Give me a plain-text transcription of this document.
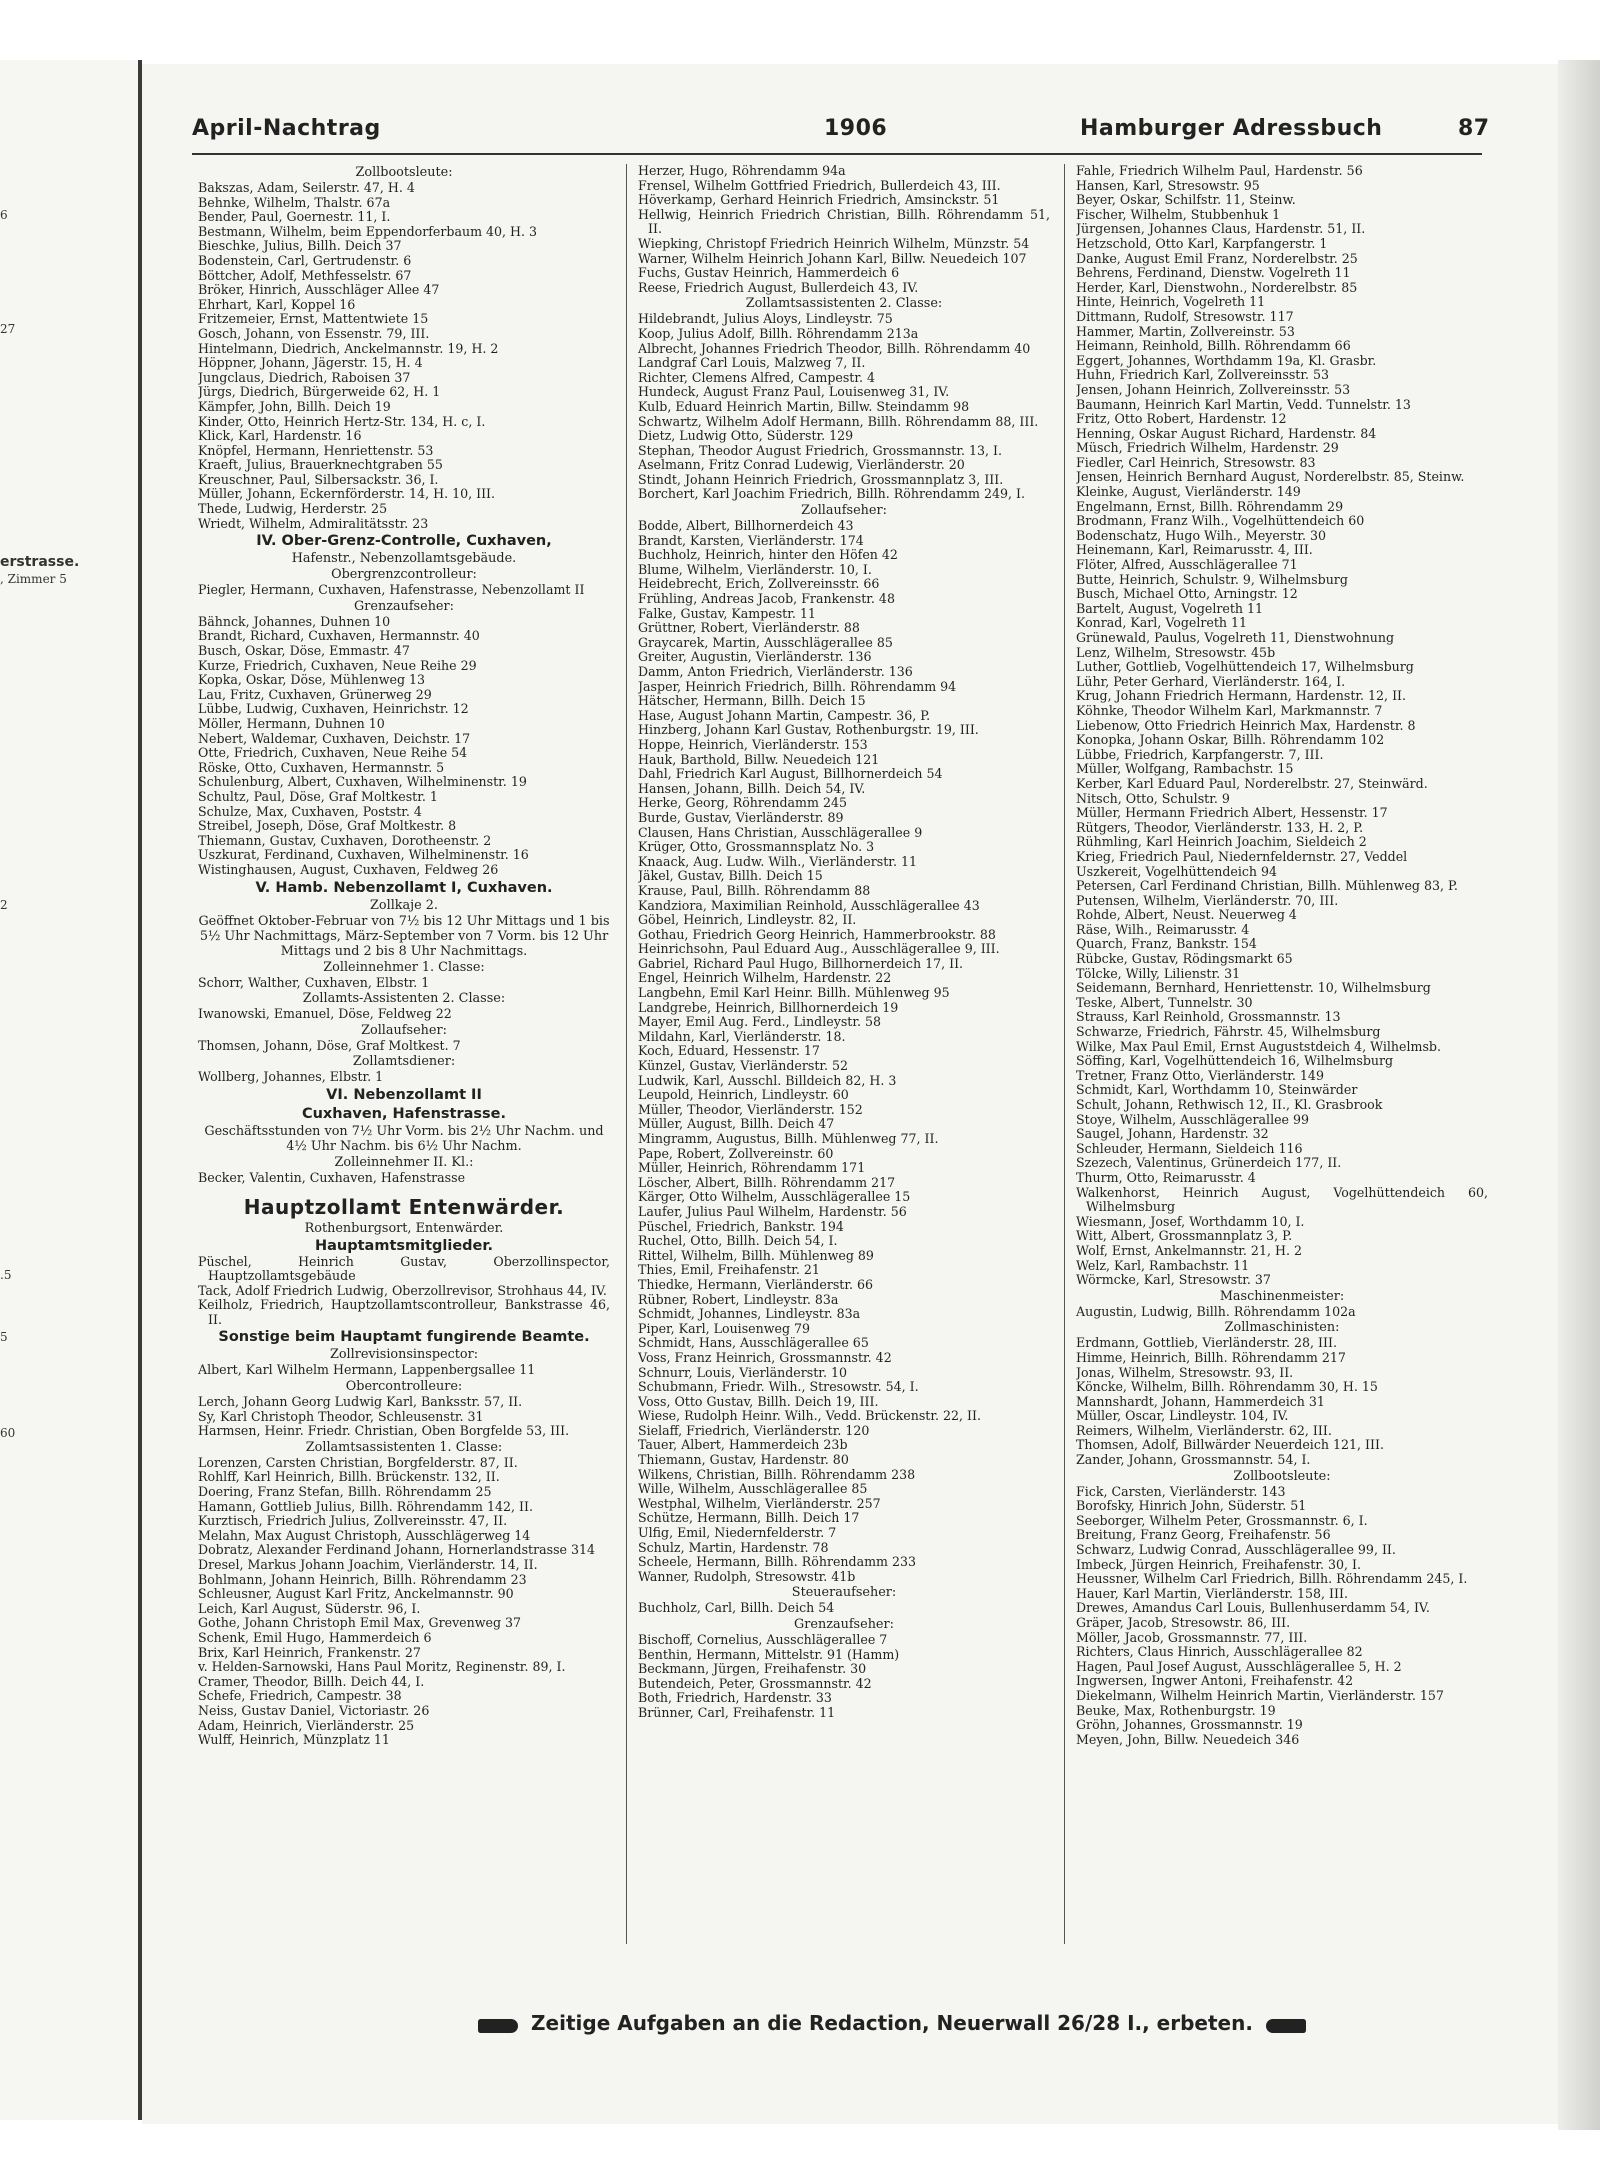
erstrasse.
, Zimmer 5
6
27
2
.5
5
60
April-Nachtrag	1906	Hamburger Adressbuch	87
Zollbootsleute:
Bakszas, Adam, Seilerstr. 47, H. 4
Behnke, Wilhelm, Thalstr. 67a
Bender, Paul, Goernestr. 11, I.
Bestmann, Wilhelm, beim Eppendorferbaum 40, H. 3
Bieschke, Julius, Billh. Deich 37
Bodenstein, Carl, Gertrudenstr. 6
Böttcher, Adolf, Methfesselstr. 67
Bröker, Hinrich, Ausschläger Allee 47
Ehrhart, Karl, Koppel 16
Fritzemeier, Ernst, Mattentwiete 15
Gosch, Johann, von Essenstr. 79, III.
Hintelmann, Diedrich, Anckelmannstr. 19, H. 2
Höppner, Johann, Jägerstr. 15, H. 4
Jungclaus, Diedrich, Raboisen 37
Jürgs, Diedrich, Bürgerweide 62, H. 1
Kämpfer, John, Billh. Deich 19
Kinder, Otto, Heinrich Hertz-Str. 134, H. c, I.
Klick, Karl, Hardenstr. 16
Knöpfel, Hermann, Henriettenstr. 53
Kraeft, Julius, Brauerknechtgraben 55
Kreuschner, Paul, Silbersackstr. 36, I.
Müller, Johann, Eckernförderstr. 14, H. 10, III.
Thede, Ludwig, Herderstr. 25
Wriedt, Wilhelm, Admiralitätsstr. 23
IV. Ober-Grenz-Controlle, Cuxhaven,
Hafenstr., Nebenzollamtsgebäude.
Obergrenzcontrolleur:
Piegler, Hermann, Cuxhaven, Hafenstrasse, Nebenzollamt II
Grenzaufseher:
Bähnck, Johannes, Duhnen 10
Brandt, Richard, Cuxhaven, Hermannstr. 40
Busch, Oskar, Döse, Emmastr. 47
Kurze, Friedrich, Cuxhaven, Neue Reihe 29
Kopka, Oskar, Döse, Mühlenweg 13
Lau, Fritz, Cuxhaven, Grünerweg 29
Lübbe, Ludwig, Cuxhaven, Heinrichstr. 12
Möller, Hermann, Duhnen 10
Nebert, Waldemar, Cuxhaven, Deichstr. 17
Otte, Friedrich, Cuxhaven, Neue Reihe 54
Röske, Otto, Cuxhaven, Hermannstr. 5
Schulenburg, Albert, Cuxhaven, Wilhelminenstr. 19
Schultz, Paul, Döse, Graf Moltkestr. 1
Schulze, Max, Cuxhaven, Poststr. 4
Streibel, Joseph, Döse, Graf Moltkestr. 8
Thiemann, Gustav, Cuxhaven, Dorotheenstr. 2
Uszkurat, Ferdinand, Cuxhaven, Wilhelminenstr. 16
Wistinghausen, August, Cuxhaven, Feldweg 26
V. Hamb. Nebenzollamt I, Cuxhaven.
Zollkaje 2.
Geöffnet Oktober-Februar von 7½ bis 12 Uhr Mittags und 1 bis 5½ Uhr Nachmittags, März-September von 7 Vorm. bis 12 Uhr Mittags und 2 bis 8 Uhr Nachmittags.
Zolleinnehmer 1. Classe:
Schorr, Walther, Cuxhaven, Elbstr. 1
Zollamts-Assistenten 2. Classe:
Iwanowski, Emanuel, Döse, Feldweg 22
Zollaufseher:
Thomsen, Johann, Döse, Graf Moltkest. 7
Zollamtsdiener:
Wollberg, Johannes, Elbstr. 1
VI. Nebenzollamt II
Cuxhaven, Hafenstrasse.
Geschäftsstunden von 7½ Uhr Vorm. bis 2½ Uhr Nachm. und 4½ Uhr Nachm. bis 6½ Uhr Nachm.
Zolleinnehmer II. Kl.:
Becker, Valentin, Cuxhaven, Hafenstrasse
Hauptzollamt Entenwärder.
Rothenburgsort, Entenwärder.
Hauptamtsmitglieder.
Püschel, Heinrich Gustav, Oberzollinspector, Hauptzollamtsgebäude
Tack, Adolf Friedrich Ludwig, Oberzollrevisor, Strohhaus 44, IV.
Keilholz, Friedrich, Hauptzollamtscontrolleur, Bankstrasse 46, II.
Sonstige beim Hauptamt fungirende Beamte.
Zollrevisionsinspector:
Albert, Karl Wilhelm Hermann, Lappenbergsallee 11
Obercontrolleure:
Lerch, Johann Georg Ludwig Karl, Banksstr. 57, II.
Sy, Karl Christoph Theodor, Schleusenstr. 31
Harmsen, Heinr. Friedr. Christian, Oben Borgfelde 53, III.
Zollamtsassistenten 1. Classe:
Lorenzen, Carsten Christian, Borgfelderstr. 87, II.
Rohlff, Karl Heinrich, Billh. Brückenstr. 132, II.
Doering, Franz Stefan, Billh. Röhrendamm 25
Hamann, Gottlieb Julius, Billh. Röhrendamm 142, II.
Kurztisch, Friedrich Julius, Zollvereinsstr. 47, II.
Melahn, Max August Christoph, Ausschlägerweg 14
Dobratz, Alexander Ferdinand Johann, Hornerlandstrasse 314
Dresel, Markus Johann Joachim, Vierländerstr. 14, II.
Bohlmann, Johann Heinrich, Billh. Röhrendamm 23
Schleusner, August Karl Fritz, Anckelmannstr. 90
Leich, Karl August, Süderstr. 96, I.
Gothe, Johann Christoph Emil Max, Grevenweg 37
Schenk, Emil Hugo, Hammerdeich 6
Brix, Karl Heinrich, Frankenstr. 27
v. Helden-Sarnowski, Hans Paul Moritz, Reginenstr. 89, I.
Cramer, Theodor, Billh. Deich 44, I.
Schefe, Friedrich, Campestr. 38
Neiss, Gustav Daniel, Victoriastr. 26
Adam, Heinrich, Vierländerstr. 25
Wulff, Heinrich, Münzplatz 11
Herzer, Hugo, Röhrendamm 94a
Frensel, Wilhelm Gottfried Friedrich, Bullerdeich 43, III.
Höverkamp, Gerhard Heinrich Friedrich, Amsinckstr. 51
Hellwig, Heinrich Friedrich Christian, Billh. Röhrendamm 51, II.
Wiepking, Christopf Friedrich Heinrich Wilhelm, Münzstr. 54
Warner, Wilhelm Heinrich Johann Karl, Billw. Neuedeich 107
Fuchs, Gustav Heinrich, Hammerdeich 6
Reese, Friedrich August, Bullerdeich 43, IV.
Zollamtsassistenten 2. Classe:
Hildebrandt, Julius Aloys, Lindleystr. 75
Koop, Julius Adolf, Billh. Röhrendamm 213a
Albrecht, Johannes Friedrich Theodor, Billh. Röhrendamm 40
Landgraf Carl Louis, Malzweg 7, II.
Richter, Clemens Alfred, Campestr. 4
Hundeck, August Franz Paul, Louisenweg 31, IV.
Kulb, Eduard Heinrich Martin, Billw. Steindamm 98
Schwartz, Wilhelm Adolf Hermann, Billh. Röhrendamm 88, III.
Dietz, Ludwig Otto, Süderstr. 129
Stephan, Theodor August Friedrich, Grossmannstr. 13, I.
Aselmann, Fritz Conrad Ludewig, Vierländerstr. 20
Stindt, Johann Heinrich Friedrich, Grossmannplatz 3, III.
Borchert, Karl Joachim Friedrich, Billh. Röhrendamm 249, I.
Zollaufseher:
Bodde, Albert, Billhornerdeich 43
Brandt, Karsten, Vierländerstr. 174
Buchholz, Heinrich, hinter den Höfen 42
Blume, Wilhelm, Vierländerstr. 10, I.
Heidebrecht, Erich, Zollvereinsstr. 66
Frühling, Andreas Jacob, Frankenstr. 48
Falke, Gustav, Kampestr. 11
Grüttner, Robert, Vierländerstr. 88
Graycarek, Martin, Ausschlägerallee 85
Greiter, Augustin, Vierländerstr. 136
Damm, Anton Friedrich, Vierländerstr. 136
Jasper, Heinrich Friedrich, Billh. Röhrendamm 94
Hätscher, Hermann, Billh. Deich 15
Hase, August Johann Martin, Campestr. 36, P.
Hinzberg, Johann Karl Gustav, Rothenburgstr. 19, III.
Hoppe, Heinrich, Vierländerstr. 153
Hauk, Barthold, Billw. Neuedeich 121
Dahl, Friedrich Karl August, Billhornerdeich 54
Hansen, Johann, Billh. Deich 54, IV.
Herke, Georg, Röhrendamm 245
Burde, Gustav, Vierländerstr. 89
Clausen, Hans Christian, Ausschlägerallee 9
Krüger, Otto, Grossmannsplatz No. 3
Knaack, Aug. Ludw. Wilh., Vierländerstr. 11
Jäkel, Gustav, Billh. Deich 15
Krause, Paul, Billh. Röhrendamm 88
Kandziora, Maximilian Reinhold, Ausschlägerallee 43
Göbel, Heinrich, Lindleystr. 82, II.
Gothau, Friedrich Georg Heinrich, Hammerbrookstr. 88
Heinrichsohn, Paul Eduard Aug., Ausschlägerallee 9, III.
Gabriel, Richard Paul Hugo, Billhornerdeich 17, II.
Engel, Heinrich Wilhelm, Hardenstr. 22
Langbehn, Emil Karl Heinr. Billh. Mühlenweg 95
Landgrebe, Heinrich, Billhornerdeich 19
Mayer, Emil Aug. Ferd., Lindleystr. 58
Mildahn, Karl, Vierländerstr. 18.
Koch, Eduard, Hessenstr. 17
Künzel, Gustav, Vierländerstr. 52
Ludwik, Karl, Ausschl. Billdeich 82, H. 3
Leupold, Heinrich, Lindleystr. 60
Müller, Theodor, Vierländerstr. 152
Müller, August, Billh. Deich 47
Mingramm, Augustus, Billh. Mühlenweg 77, II.
Pape, Robert, Zollvereinstr. 60
Müller, Heinrich, Röhrendamm 171
Löscher, Albert, Billh. Röhrendamm 217
Kärger, Otto Wilhelm, Ausschlägerallee 15
Laufer, Julius Paul Wilhelm, Hardenstr. 56
Püschel, Friedrich, Bankstr. 194
Ruchel, Otto, Billh. Deich 54, I.
Rittel, Wilhelm, Billh. Mühlenweg 89
Thies, Emil, Freihafenstr. 21
Thiedke, Hermann, Vierländerstr. 66
Rübner, Robert, Lindleystr. 83a
Schmidt, Johannes, Lindleystr. 83a
Piper, Karl, Louisenweg 79
Schmidt, Hans, Ausschlägerallee 65
Voss, Franz Heinrich, Grossmannstr. 42
Schnurr, Louis, Vierländerstr. 10
Schubmann, Friedr. Wilh., Stresowstr. 54, I.
Voss, Otto Gustav, Billh. Deich 19, III.
Wiese, Rudolph Heinr. Wilh., Vedd. Brückenstr. 22, II.
Sielaff, Friedrich, Vierländerstr. 120
Tauer, Albert, Hammerdeich 23b
Thiemann, Gustav, Hardenstr. 80
Wilkens, Christian, Billh. Röhrendamm 238
Wille, Wilhelm, Ausschlägerallee 85
Westphal, Wilhelm, Vierländerstr. 257
Schütze, Hermann, Billh. Deich 17
Ulfig, Emil, Niedernfelderstr. 7
Schulz, Martin, Hardenstr. 78
Scheele, Hermann, Billh. Röhrendamm 233
Wanner, Rudolph, Stresowstr. 41b
Steueraufseher:
Buchholz, Carl, Billh. Deich 54
Grenzaufseher:
Bischoff, Cornelius, Ausschlägerallee 7
Benthin, Hermann, Mittelstr. 91 (Hamm)
Beckmann, Jürgen, Freihafenstr. 30
Butendeich, Peter, Grossmannstr. 42
Both, Friedrich, Hardenstr. 33
Brünner, Carl, Freihafenstr. 11
Fahle, Friedrich Wilhelm Paul, Hardenstr. 56
Hansen, Karl, Stresowstr. 95
Beyer, Oskar, Schilfstr. 11, Steinw.
Fischer, Wilhelm, Stubbenhuk 1
Jürgensen, Johannes Claus, Hardenstr. 51, II.
Hetzschold, Otto Karl, Karpfangerstr. 1
Danke, August Emil Franz, Norderelbstr. 25
Behrens, Ferdinand, Dienstw. Vogelreth 11
Herder, Karl, Dienstwohn., Norderelbstr. 85
Hinte, Heinrich, Vogelreth 11
Dittmann, Rudolf, Stresowstr. 117
Hammer, Martin, Zollvereinstr. 53
Heimann, Reinhold, Billh. Röhrendamm 66
Eggert, Johannes, Worthdamm 19a, Kl. Grasbr.
Huhn, Friedrich Karl, Zollvereinsstr. 53
Jensen, Johann Heinrich, Zollvereinsstr. 53
Baumann, Heinrich Karl Martin, Vedd. Tunnelstr. 13
Fritz, Otto Robert, Hardenstr. 12
Henning, Oskar August Richard, Hardenstr. 84
Müsch, Friedrich Wilhelm, Hardenstr. 29
Fiedler, Carl Heinrich, Stresowstr. 83
Jensen, Heinrich Bernhard August, Norderelbstr. 85, Steinw.
Kleinke, August, Vierländerstr. 149
Engelmann, Ernst, Billh. Röhrendamm 29
Brodmann, Franz Wilh., Vogelhüttendeich 60
Bodenschatz, Hugo Wilh., Meyerstr. 30
Heinemann, Karl, Reimarusstr. 4, III.
Flöter, Alfred, Ausschlägerallee 71
Butte, Heinrich, Schulstr. 9, Wilhelmsburg
Busch, Michael Otto, Arningstr. 12
Bartelt, August, Vogelreth 11
Konrad, Karl, Vogelreth 11
Grünewald, Paulus, Vogelreth 11, Dienstwohnung
Lenz, Wilhelm, Stresowstr. 45b
Luther, Gottlieb, Vogelhüttendeich 17, Wilhelmsburg
Lühr, Peter Gerhard, Vierländerstr. 164, I.
Krug, Johann Friedrich Hermann, Hardenstr. 12, II.
Köhnke, Theodor Wilhelm Karl, Markmannstr. 7
Liebenow, Otto Friedrich Heinrich Max, Hardenstr. 8
Konopka, Johann Oskar, Billh. Röhrendamm 102
Lübbe, Friedrich, Karpfangerstr. 7, III.
Müller, Wolfgang, Rambachstr. 15
Kerber, Karl Eduard Paul, Norderelbstr. 27, Steinwärd.
Nitsch, Otto, Schulstr. 9
Müller, Hermann Friedrich Albert, Hessenstr. 17
Rütgers, Theodor, Vierländerstr. 133, H. 2, P.
Rühmling, Karl Heinrich Joachim, Sieldeich 2
Krieg, Friedrich Paul, Niedernfeldernstr. 27, Veddel
Uszkereit, Vogelhüttendeich 94
Petersen, Carl Ferdinand Christian, Billh. Mühlenweg 83, P.
Putensen, Wilhelm, Vierländerstr. 70, III.
Rohde, Albert, Neust. Neuerweg 4
Räse, Wilh., Reimarusstr. 4
Quarch, Franz, Bankstr. 154
Rübcke, Gustav, Rödingsmarkt 65
Tölcke, Willy, Lilienstr. 31
Seidemann, Bernhard, Henriettenstr. 10, Wilhelmsburg
Teske, Albert, Tunnelstr. 30
Strauss, Karl Reinhold, Grossmannstr. 13
Schwarze, Friedrich, Fährstr. 45, Wilhelmsburg
Wilke, Max Paul Emil, Ernst Auguststdeich 4, Wilhelmsb.
Söffing, Karl, Vogelhüttendeich 16, Wilhelmsburg
Tretner, Franz Otto, Vierländerstr. 149
Schmidt, Karl, Worthdamm 10, Steinwärder
Schult, Johann, Rethwisch 12, II., Kl. Grasbrook
Stoye, Wilhelm, Ausschlägerallee 99
Saugel, Johann, Hardenstr. 32
Schleuder, Hermann, Sieldeich 116
Szezech, Valentinus, Grünerdeich 177, II.
Thurm, Otto, Reimarusstr. 4
Walkenhorst, Heinrich August, Vogelhüttendeich 60, Wilhelmsburg
Wiesmann, Josef, Worthdamm 10, I.
Witt, Albert, Grossmannplatz 3, P.
Wolf, Ernst, Ankelmannstr. 21, H. 2
Welz, Karl, Rambachstr. 11
Wörmcke, Karl, Stresowstr. 37
Maschinenmeister:
Augustin, Ludwig, Billh. Röhrendamm 102a
Zollmaschinisten:
Erdmann, Gottlieb, Vierländerstr. 28, III.
Himme, Heinrich, Billh. Röhrendamm 217
Jonas, Wilhelm, Stresowstr. 93, II.
Köncke, Wilhelm, Billh. Röhrendamm 30, H. 15
Mannshardt, Johann, Hammerdeich 31
Müller, Oscar, Lindleystr. 104, IV.
Reimers, Wilhelm, Vierländerstr. 62, III.
Thomsen, Adolf, Billwärder Neuerdeich 121, III.
Zander, Johann, Grossmannstr. 54, I.
Zollbootsleute:
Fick, Carsten, Vierländerstr. 143
Borofsky, Hinrich John, Süderstr. 51
Seeborger, Wilhelm Peter, Grossmannstr. 6, I.
Breitung, Franz Georg, Freihafenstr. 56
Schwarz, Ludwig Conrad, Ausschlägerallee 99, II.
Imbeck, Jürgen Heinrich, Freihafenstr. 30, I.
Heussner, Wilhelm Carl Friedrich, Billh. Röhrendamm 245, I.
Hauer, Karl Martin, Vierländerstr. 158, III.
Drewes, Amandus Carl Louis, Bullenhuserdamm 54, IV.
Gräper, Jacob, Stresowstr. 86, III.
Möller, Jacob, Grossmannstr. 77, III.
Richters, Claus Hinrich, Ausschlägerallee 82
Hagen, Paul Josef August, Ausschlägerallee 5, H. 2
Ingwersen, Ingwer Antoni, Freihafenstr. 42
Diekelmann, Wilhelm Heinrich Martin, Vierländerstr. 157
Beuke, Max, Rothenburgstr. 19
Gröhn, Johannes, Grossmannstr. 19
Meyen, John, Billw. Neuedeich 346
Zeitige Aufgaben an die Redaction, Neuerwall 26/28 I., erbeten.
